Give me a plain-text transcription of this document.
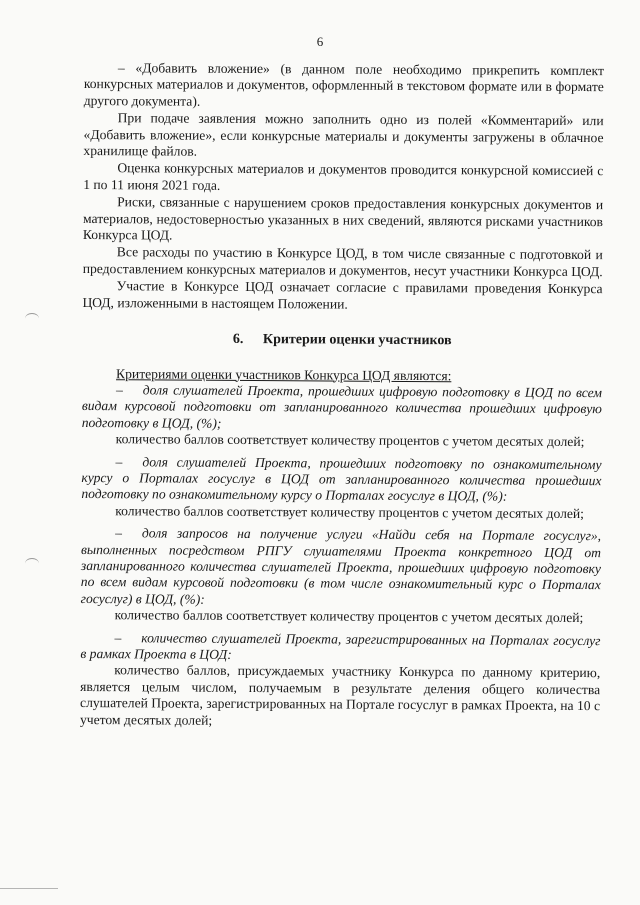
6

– «Добавить вложение» (в данном поле необходимо прикрепить комплект конкурсных материалов и документов, оформленный в текстовом формате или в формате другого документа).

При подаче заявления можно заполнить одно из полей «Комментарий» или «Добавить вложение», если конкурсные материалы и документы загружены в облачное хранилище файлов.

Оценка конкурсных материалов и документов проводится конкурсной комиссией с 1 по 11 июня 2021 года.

Риски, связанные с нарушением сроков предоставления конкурсных документов и материалов, недостоверностью указанных в них сведений, являются рисками участников Конкурса ЦОД.

Все расходы по участию в Конкурсе ЦОД, в том числе связанные с подготовкой и предоставлением конкурсных материалов и документов, несут участники Конкурса ЦОД.

Участие в Конкурсе ЦОД означает согласие с правилами проведения Конкурса ЦОД, изложенными в настоящем Положении.

6. Критерии оценки участников

Критериями оценки участников Конкурса ЦОД являются:

– доля слушателей Проекта, прошедших цифровую подготовку в ЦОД по всем видам курсовой подготовки от запланированного количества прошедших цифровую подготовку в ЦОД, (%);

количество баллов соответствует количеству процентов с учетом десятых долей;

– доля слушателей Проекта, прошедших подготовку по ознакомительному курсу о Порталах госуслуг в ЦОД от запланированного количества прошедших подготовку по ознакомительному курсу о Порталах госуслуг в ЦОД, (%):

количество баллов соответствует количеству процентов с учетом десятых долей;

– доля запросов на получение услуги «Найди себя на Портале госуслуг», выполненных посредством РПГУ слушателями Проекта конкретного ЦОД от запланированного количества слушателей Проекта, прошедших цифровую подготовку по всем видам курсовой подготовки (в том числе ознакомительный курс о Порталах госуслуг) в ЦОД, (%):

количество баллов соответствует количеству процентов с учетом десятых долей;

– количество слушателей Проекта, зарегистрированных на Порталах госуслуг в рамках Проекта в ЦОД:

количество баллов, присуждаемых участнику Конкурса по данному критерию, является целым числом, получаемым в результате деления общего количества слушателей Проекта, зарегистрированных на Портале госуслуг в рамках Проекта, на 10 с учетом десятых долей;
